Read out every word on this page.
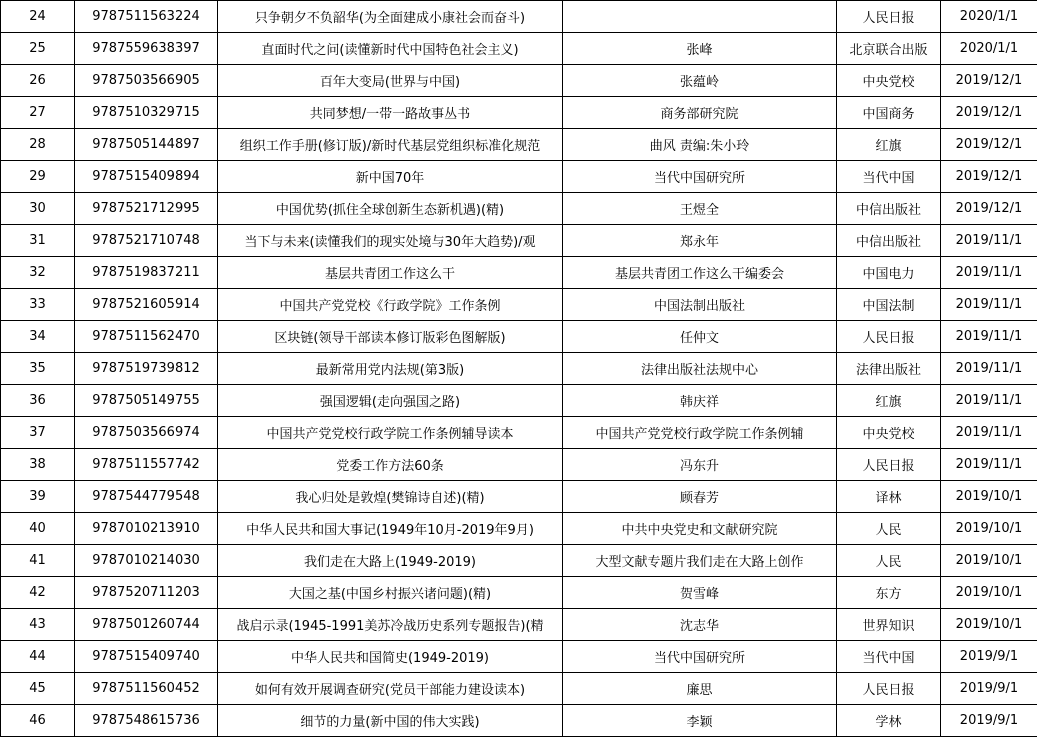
24	9787511563224	只争朝夕不负韶华(为全面建成小康社会而奋斗)		人民日报	2020/1/1
25	9787559638397	直面时代之问(读懂新时代中国特色社会主义)	张峰	北京联合出版	2020/1/1
26	9787503566905	百年大变局(世界与中国)	张蕴岭	中央党校	2019/12/1
27	9787510329715	共同梦想/一带一路故事丛书	商务部研究院	中国商务	2019/12/1
28	9787505144897	组织工作手册(修订版)/新时代基层党组织标准化规范	曲风 责编:朱小玲	红旗	2019/12/1
29	9787515409894	新中国70年	当代中国研究所	当代中国	2019/12/1
30	9787521712995	中国优势(抓住全球创新生态新机遇)(精)	王煜全	中信出版社	2019/12/1
31	9787521710748	当下与未来(读懂我们的现实处境与30年大趋势)/观	郑永年	中信出版社	2019/11/1
32	9787519837211	基层共青团工作这么干	基层共青团工作这么干编委会	中国电力	2019/11/1
33	9787521605914	中国共产党党校《行政学院》工作条例	中国法制出版社	中国法制	2019/11/1
34	9787511562470	区块链(领导干部读本修订版彩色图解版)	任仲文	人民日报	2019/11/1
35	9787519739812	最新常用党内法规(第3版)	法律出版社法规中心	法律出版社	2019/11/1
36	9787505149755	强国逻辑(走向强国之路)	韩庆祥	红旗	2019/11/1
37	9787503566974	中国共产党党校行政学院工作条例辅导读本	中国共产党党校行政学院工作条例辅	中央党校	2019/11/1
38	9787511557742	党委工作方法60条	冯东升	人民日报	2019/11/1
39	9787544779548	我心归处是敦煌(樊锦诗自述)(精)	顾春芳	译林	2019/10/1
40	9787010213910	中华人民共和国大事记(1949年10月-2019年9月)	中共中央党史和文献研究院	人民	2019/10/1
41	9787010214030	我们走在大路上(1949-2019)	大型文献专题片我们走在大路上创作	人民	2019/10/1
42	9787520711203	大国之基(中国乡村振兴诸问题)(精)	贺雪峰	东方	2019/10/1
43	9787501260744	战启示录(1945-1991美苏冷战历史系列专题报告)(精	沈志华	世界知识	2019/10/1
44	9787515409740	中华人民共和国简史(1949-2019)	当代中国研究所	当代中国	2019/9/1
45	9787511560452	如何有效开展调查研究(党员干部能力建设读本)	廉思	人民日报	2019/9/1
46	9787548615736	细节的力量(新中国的伟大实践)	李颖	学林	2019/9/1
